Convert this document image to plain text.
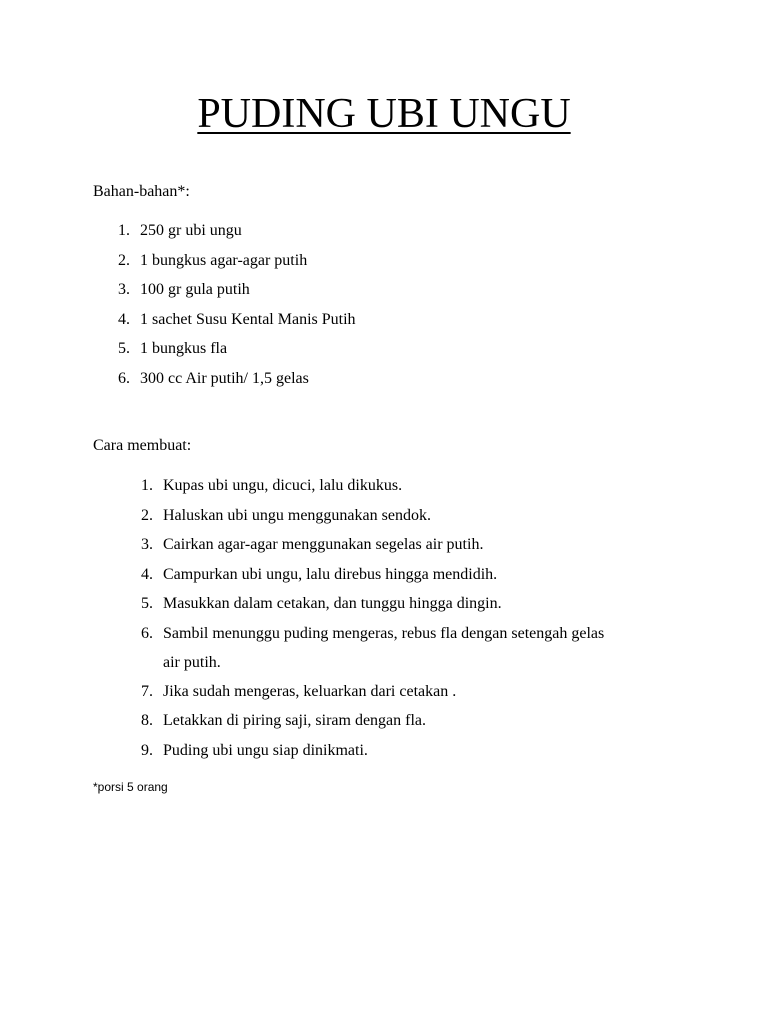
PUDING UBI UNGU
Bahan-bahan*:
1. 250 gr ubi ungu
2. 1 bungkus agar-agar putih
3. 100 gr gula putih
4. 1 sachet Susu Kental Manis Putih
5. 1 bungkus fla
6. 300 cc Air putih/ 1,5 gelas
Cara membuat:
1. Kupas ubi ungu, dicuci, lalu dikukus.
2. Haluskan ubi ungu menggunakan sendok.
3. Cairkan agar-agar menggunakan segelas air putih.
4. Campurkan ubi ungu, lalu direbus hingga mendidih.
5. Masukkan dalam cetakan, dan tunggu hingga dingin.
6. Sambil menunggu puding mengeras, rebus fla dengan setengah gelas
air putih.
7. Jika sudah mengeras, keluarkan dari cetakan .
8. Letakkan di piring saji, siram dengan fla.
9. Puding ubi ungu siap dinikmati.
*porsi 5 orang
